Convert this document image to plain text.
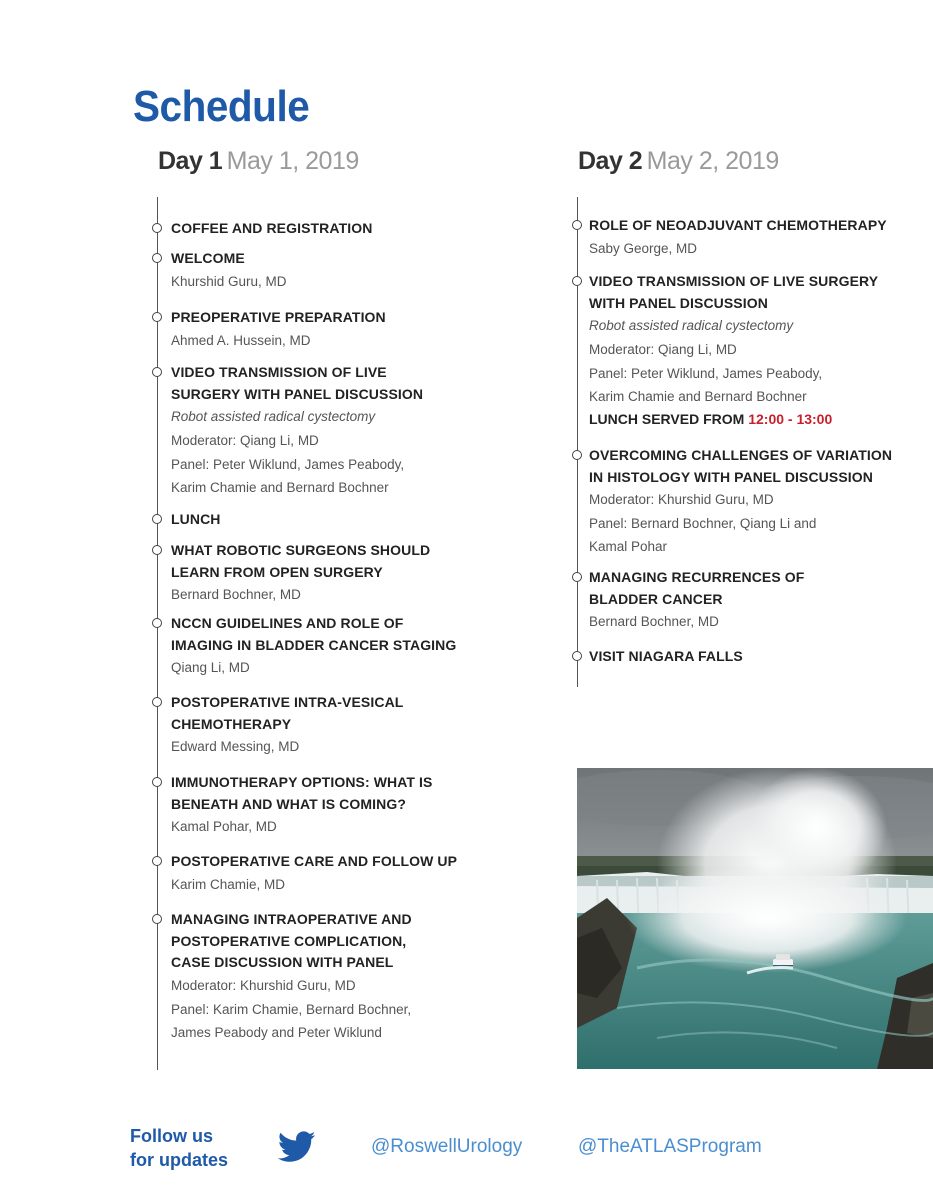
Schedule
Day 1 May 1, 2019	Day 2 May 2, 2019
COFFEE AND REGISTRATION
WELCOME
Khurshid Guru, MD
PREOPERATIVE PREPARATION
Ahmed A. Hussein, MD
VIDEO TRANSMISSION OF LIVE
SURGERY WITH PANEL DISCUSSION
Robot assisted radical cystectomy
Moderator: Qiang Li, MD
Panel: Peter Wiklund, James Peabody,
Karim Chamie and Bernard Bochner
LUNCH
WHAT ROBOTIC SURGEONS SHOULD
LEARN FROM OPEN SURGERY
Bernard Bochner, MD
NCCN GUIDELINES AND ROLE OF
IMAGING IN BLADDER CANCER STAGING
Qiang Li, MD
POSTOPERATIVE INTRA-VESICAL
CHEMOTHERAPY
Edward Messing, MD
IMMUNOTHERAPY OPTIONS: WHAT IS
BENEATH AND WHAT IS COMING?
Kamal Pohar, MD
POSTOPERATIVE CARE AND FOLLOW UP
Karim Chamie, MD
MANAGING INTRAOPERATIVE AND
POSTOPERATIVE COMPLICATION,
CASE DISCUSSION WITH PANEL
Moderator: Khurshid Guru, MD
Panel: Karim Chamie, Bernard Bochner,
James Peabody and Peter Wiklund
ROLE OF NEOADJUVANT CHEMOTHERAPY
Saby George, MD
VIDEO TRANSMISSION OF LIVE SURGERY
WITH PANEL DISCUSSION
Robot assisted radical cystectomy
Moderator: Qiang Li, MD
Panel: Peter Wiklund, James Peabody,
Karim Chamie and Bernard Bochner
LUNCH SERVED FROM 12:00 - 13:00
OVERCOMING CHALLENGES OF VARIATION
IN HISTOLOGY WITH PANEL DISCUSSION
Moderator: Khurshid Guru, MD
Panel: Bernard Bochner, Qiang Li and
Kamal Pohar
MANAGING RECURRENCES OF
BLADDER CANCER
Bernard Bochner, MD
VISIT NIAGARA FALLS
Follow us
for updates
@RoswellUrology	@TheATLASProgram
